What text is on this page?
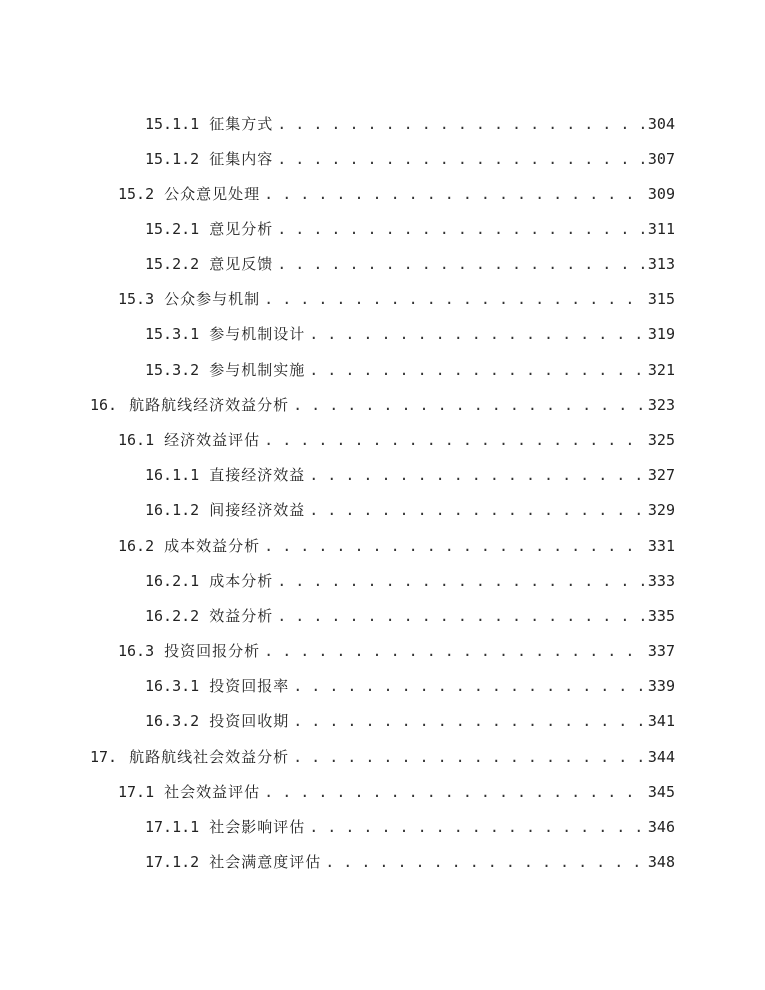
15.1.1 征集方式 . . .	304
15.1.2 征集内容 . . .	307
15.2 公众意见处理 . . .	309
15.2.1 意见分析 . . .	311
15.2.2 意见反馈 . . .	313
15.3 公众参与机制 . . .	315
15.3.1 参与机制设计 . . .	319
15.3.2 参与机制实施 . . .	321
16. 航路航线经济效益分析 . . .	323
16.1 经济效益评估 . . .	325
16.1.1 直接经济效益 . . .	327
16.1.2 间接经济效益 . . .	329
16.2 成本效益分析 . . .	331
16.2.1 成本分析 . . .	333
16.2.2 效益分析 . . .	335
16.3 投资回报分析 . . .	337
16.3.1 投资回报率 . . .	339
16.3.2 投资回收期 . . .	341
17. 航路航线社会效益分析 . . .	344
17.1 社会效益评估 . . .	345
17.1.1 社会影响评估 . . .	346
17.1.2 社会满意度评估 . . .	348
